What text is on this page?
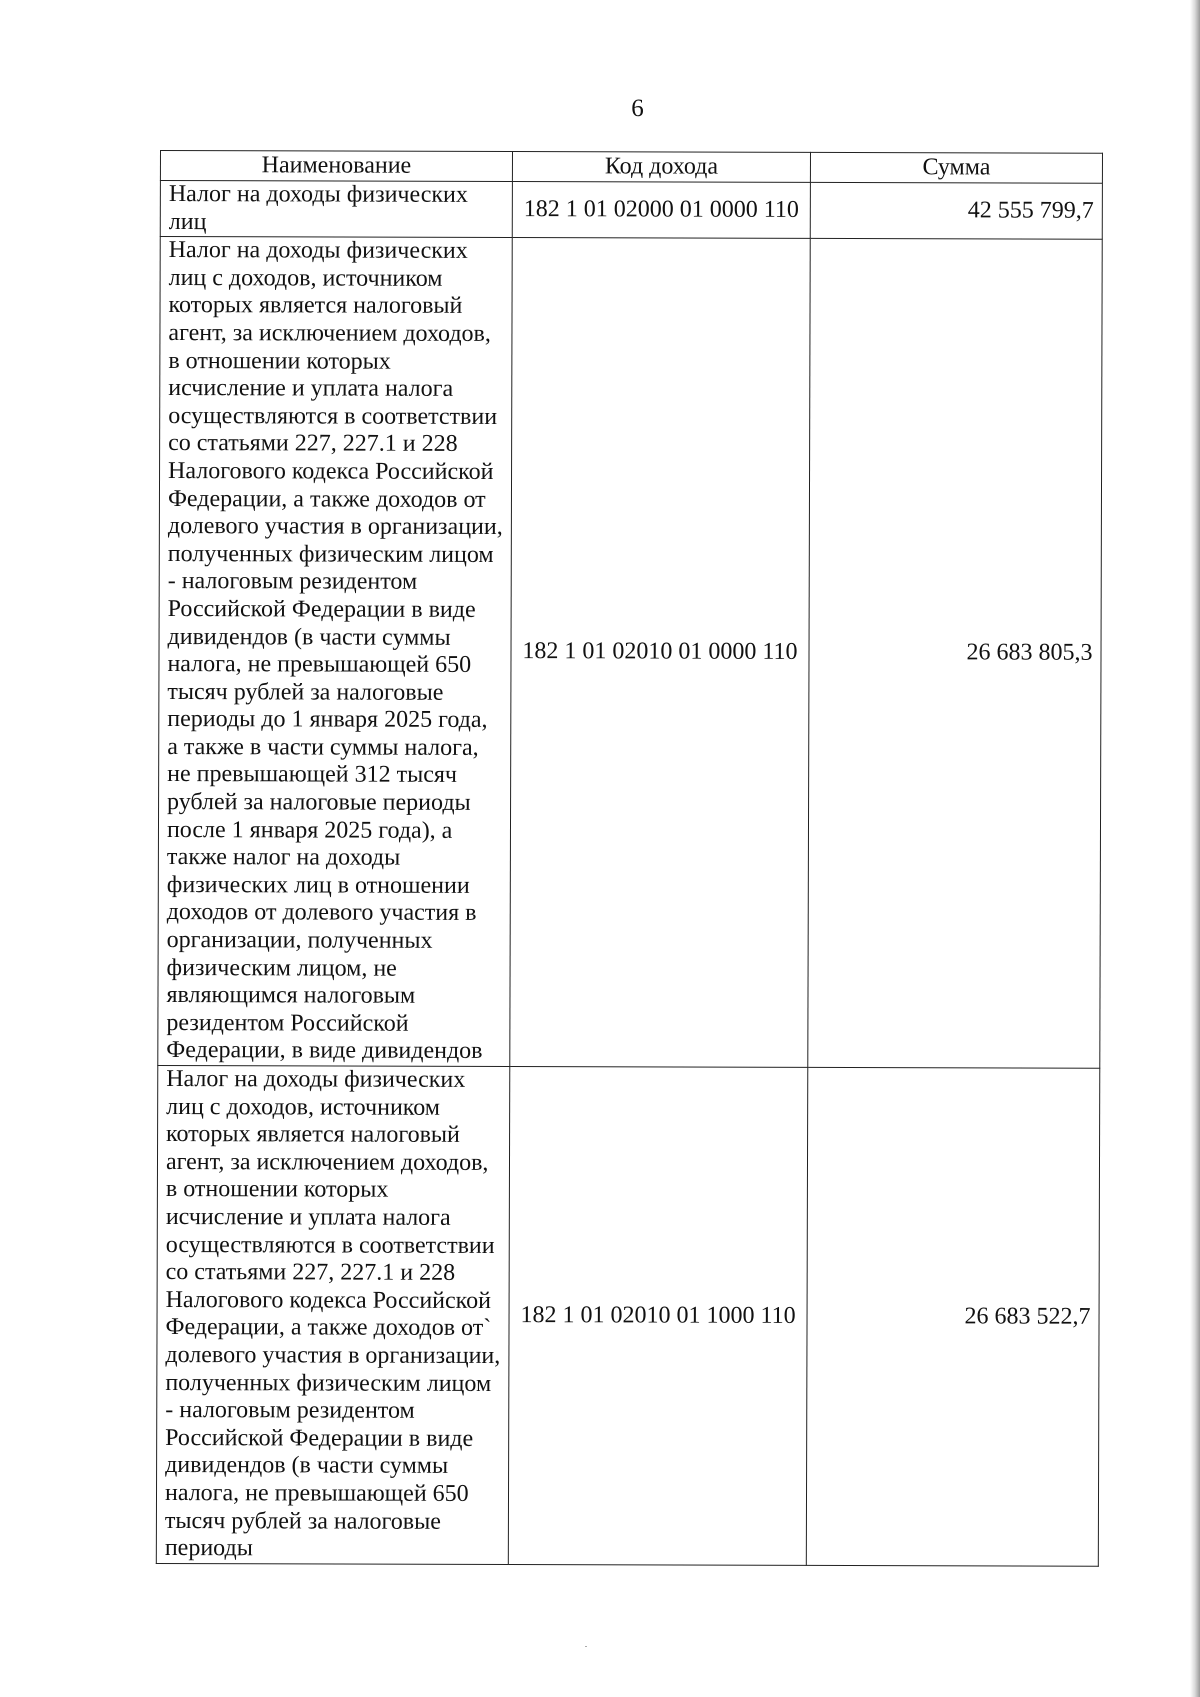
6
Наименование	Код дохода	Сумма
Налог на доходы физических лиц	182 1 01 02000 01 0000 110	42 555 799,7
Налог на доходы физических лиц с доходов, источником которых является налоговый агент, за исключением доходов, в отношении которых исчисление и уплата налога осуществляются в соответствии со статьями 227, 227.1 и 228 Налогового кодекса Российской Федерации, а также доходов от долевого участия в организации, полученных физическим лицом - налоговым резидентом Российской Федерации в виде дивидендов (в части суммы налога, не превышающей 650 тысяч рублей за налоговые периоды до 1 января 2025 года, а также в части суммы налога, не превышающей 312 тысяч рублей за налоговые периоды после 1 января 2025 года), а также налог на доходы физических лиц в отношении доходов от долевого участия в организации, полученных физическим лицом, не являющимся налоговым резидентом Российской Федерации, в виде дивидендов	182 1 01 02010 01 0000 110	26 683 805,3
Налог на доходы физических лиц с доходов, источником которых является налоговый агент, за исключением доходов, в отношении которых исчисление и уплата налога осуществляются в соответствии со статьями 227, 227.1 и 228 Налогового кодекса Российской Федерации, а также доходов от` долевого участия в организации, полученных физическим лицом - налоговым резидентом Российской Федерации в виде дивидендов (в части суммы налога, не превышающей 650 тысяч рублей за налоговые периоды	182 1 01 02010 01 1000 110	26 683 522,7
